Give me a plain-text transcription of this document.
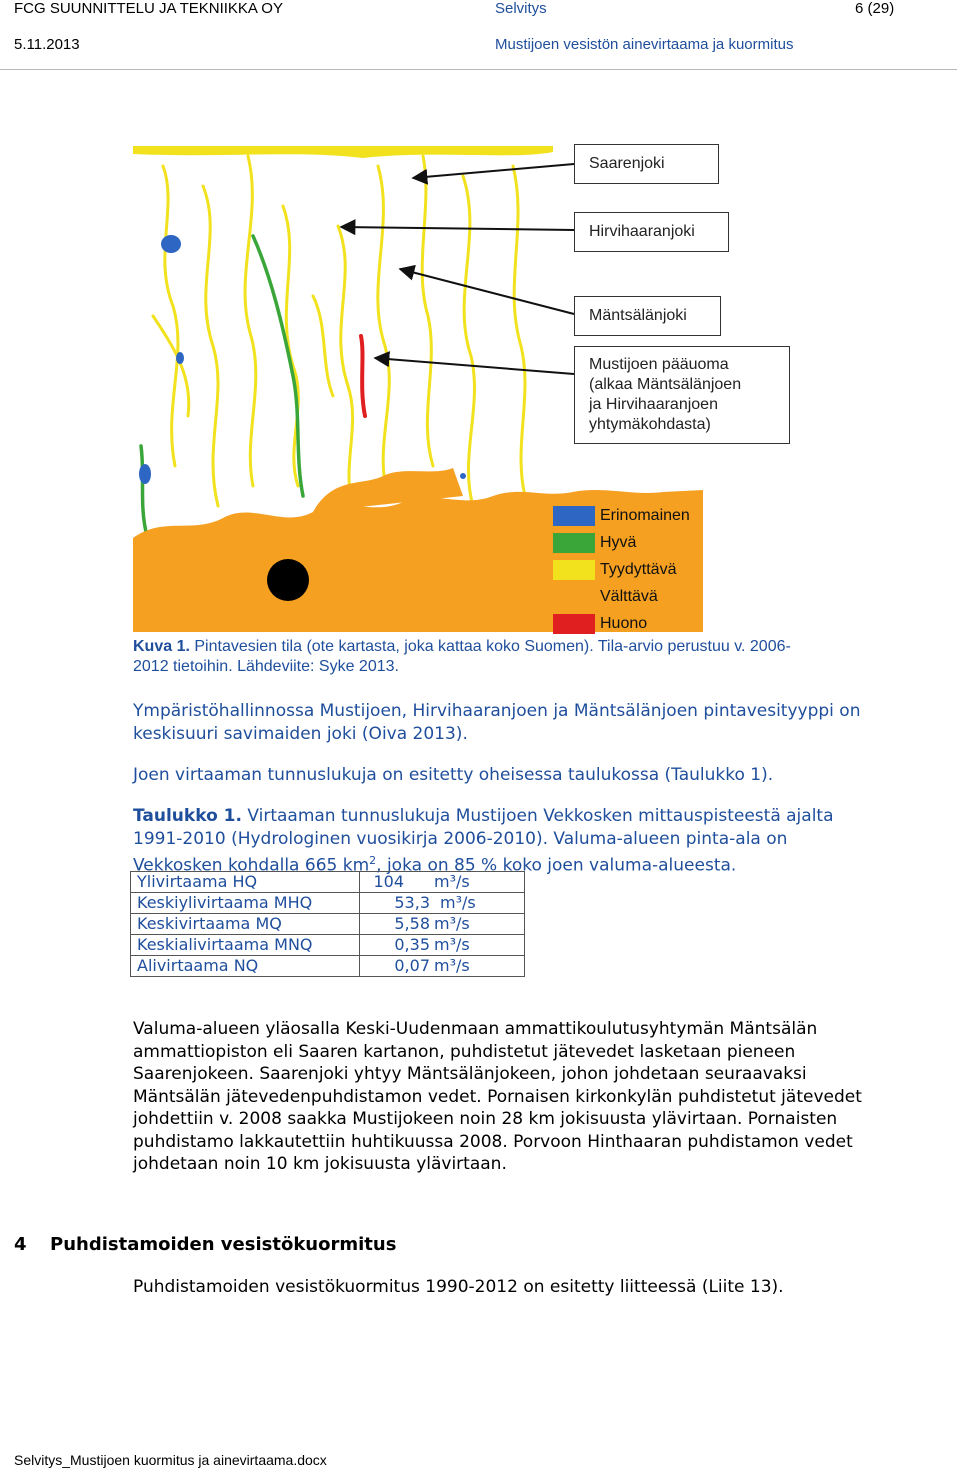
FCG SUUNNITTELU JA TEKNIIKKA OY
5.11.2013
Selvitys
Mustijoen vesistön ainevirtaama ja kuormitus
6 (29)
Saarenjoki
Hirvihaaranjoki
Mäntsälänjoki
Mustijoen pääuoma
(alkaa Mäntsälänjoen
ja Hirvihaaranjoen
yhtymäkohdasta)
Erinomainen
Hyvä
Tyydyttävä
Välttävä
Huono
Kuva 1. Pintavesien tila (ote kartasta, joka kattaa koko Suomen). Tila-arvio perustuu v. 2006-
2012 tietoihin. Lähdeviite: Syke 2013.
Ympäristöhallinnossa Mustijoen, Hirvihaaranjoen ja Mäntsälänjoen pintavesityyppi on
keskisuuri savimaiden joki (Oiva 2013).
Joen virtaaman tunnuslukuja on esitetty oheisessa taulukossa (Taulukko 1).
Taulukko 1. Virtaaman tunnuslukuja Mustijoen Vekkosken mittauspisteestä ajalta
1991-2010 (Hydrologinen vuosikirja 2006-2010). Valuma-alueen pinta-ala on
Vekkosken kohdalla 665 $km^2$, joka on 85 % koko joen valuma-alueesta.
Ylivirtaama HQ	104 m³/s
Keskiylivirtaama MHQ	53,3 m³/s
Keskivirtaama MQ	5,58 m³/s
Keskialivirtaama MNQ	0,35 m³/s
Alivirtaama NQ	0,07 m³/s
Valuma-alueen yläosalla Keski-Uudenmaan ammattikoulutusyhtymän Mäntsälän
ammattiopiston eli Saaren kartanon, puhdistetut jätevedet lasketaan pieneen
Saarenjokeen. Saarenjoki yhtyy Mäntsälänjokeen, johon johdetaan seuraavaksi
Mäntsälän jätevedenpuhdistamon vedet. Pornaisen kirkonkylän puhdistetut jätevedet
johdettiin v. 2008 saakka Mustijokeen noin 28 km jokisuusta ylävirtaan. Pornaisten
puhdistamo lakkautettiin huhtikuussa 2008. Porvoon Hinthaaran puhdistamon vedet
johdetaan noin 10 km jokisuusta ylävirtaan.
4 Puhdistamoiden vesistökuormitus
Puhdistamoiden vesistökuormitus 1990-2012 on esitetty liitteessä (Liite 13).
Selvitys_Mustijoen kuormitus ja ainevirtaama.docx
